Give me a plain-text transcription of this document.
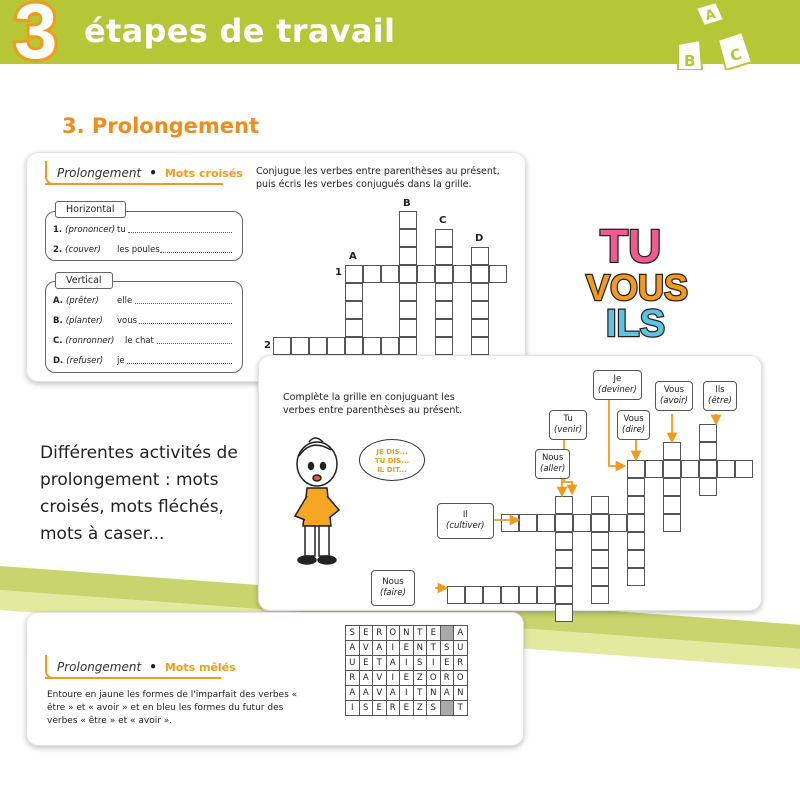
3 étapes de travail	A
B C
3. Prolongement
Prolongement • Mots croisés Conjugue les verbes entre parenthèses au présent, puis écris les verbes conjugués dans la grille.
Horizontal
1. (prononcer) tu
2. (couver) les poules
Vertical
A. (prêter) elle
B. (planter) vous
C. (ronronner) le chat
D. (refuser) je
A
B
C
D
1
2
Différentes activités de prolongement : mots croisés, mots fléchés, mots à caser...
TU
VOUS
ILS
Complète la grille en conjuguant les verbes entre parenthèses au présent.
JE DIS...
TU DIS...
IL DIT...
Je
(deviner)	Vous
(avoir)
Ils
(être)
Tu
(venir)
Vous
(dire)
Nous
(aller)
Il
(cultiver)
Nous
(faire)
Prolongement • Mots mêlés
Entoure en jaune les formes de l'imparfait des verbes « être » et « avoir » et en bleu les formes du futur des verbes « être » et « avoir ».
S	E	R	O	N	T	E		A
A	V	A	I	E	N	T	S	U
U	E	T	A	I	S	I	E	R
R	A	V	I	E	Z	O	R	O
A	A	V	A	I	T	N	A	N
I	S	E	R	E	Z	S		T
